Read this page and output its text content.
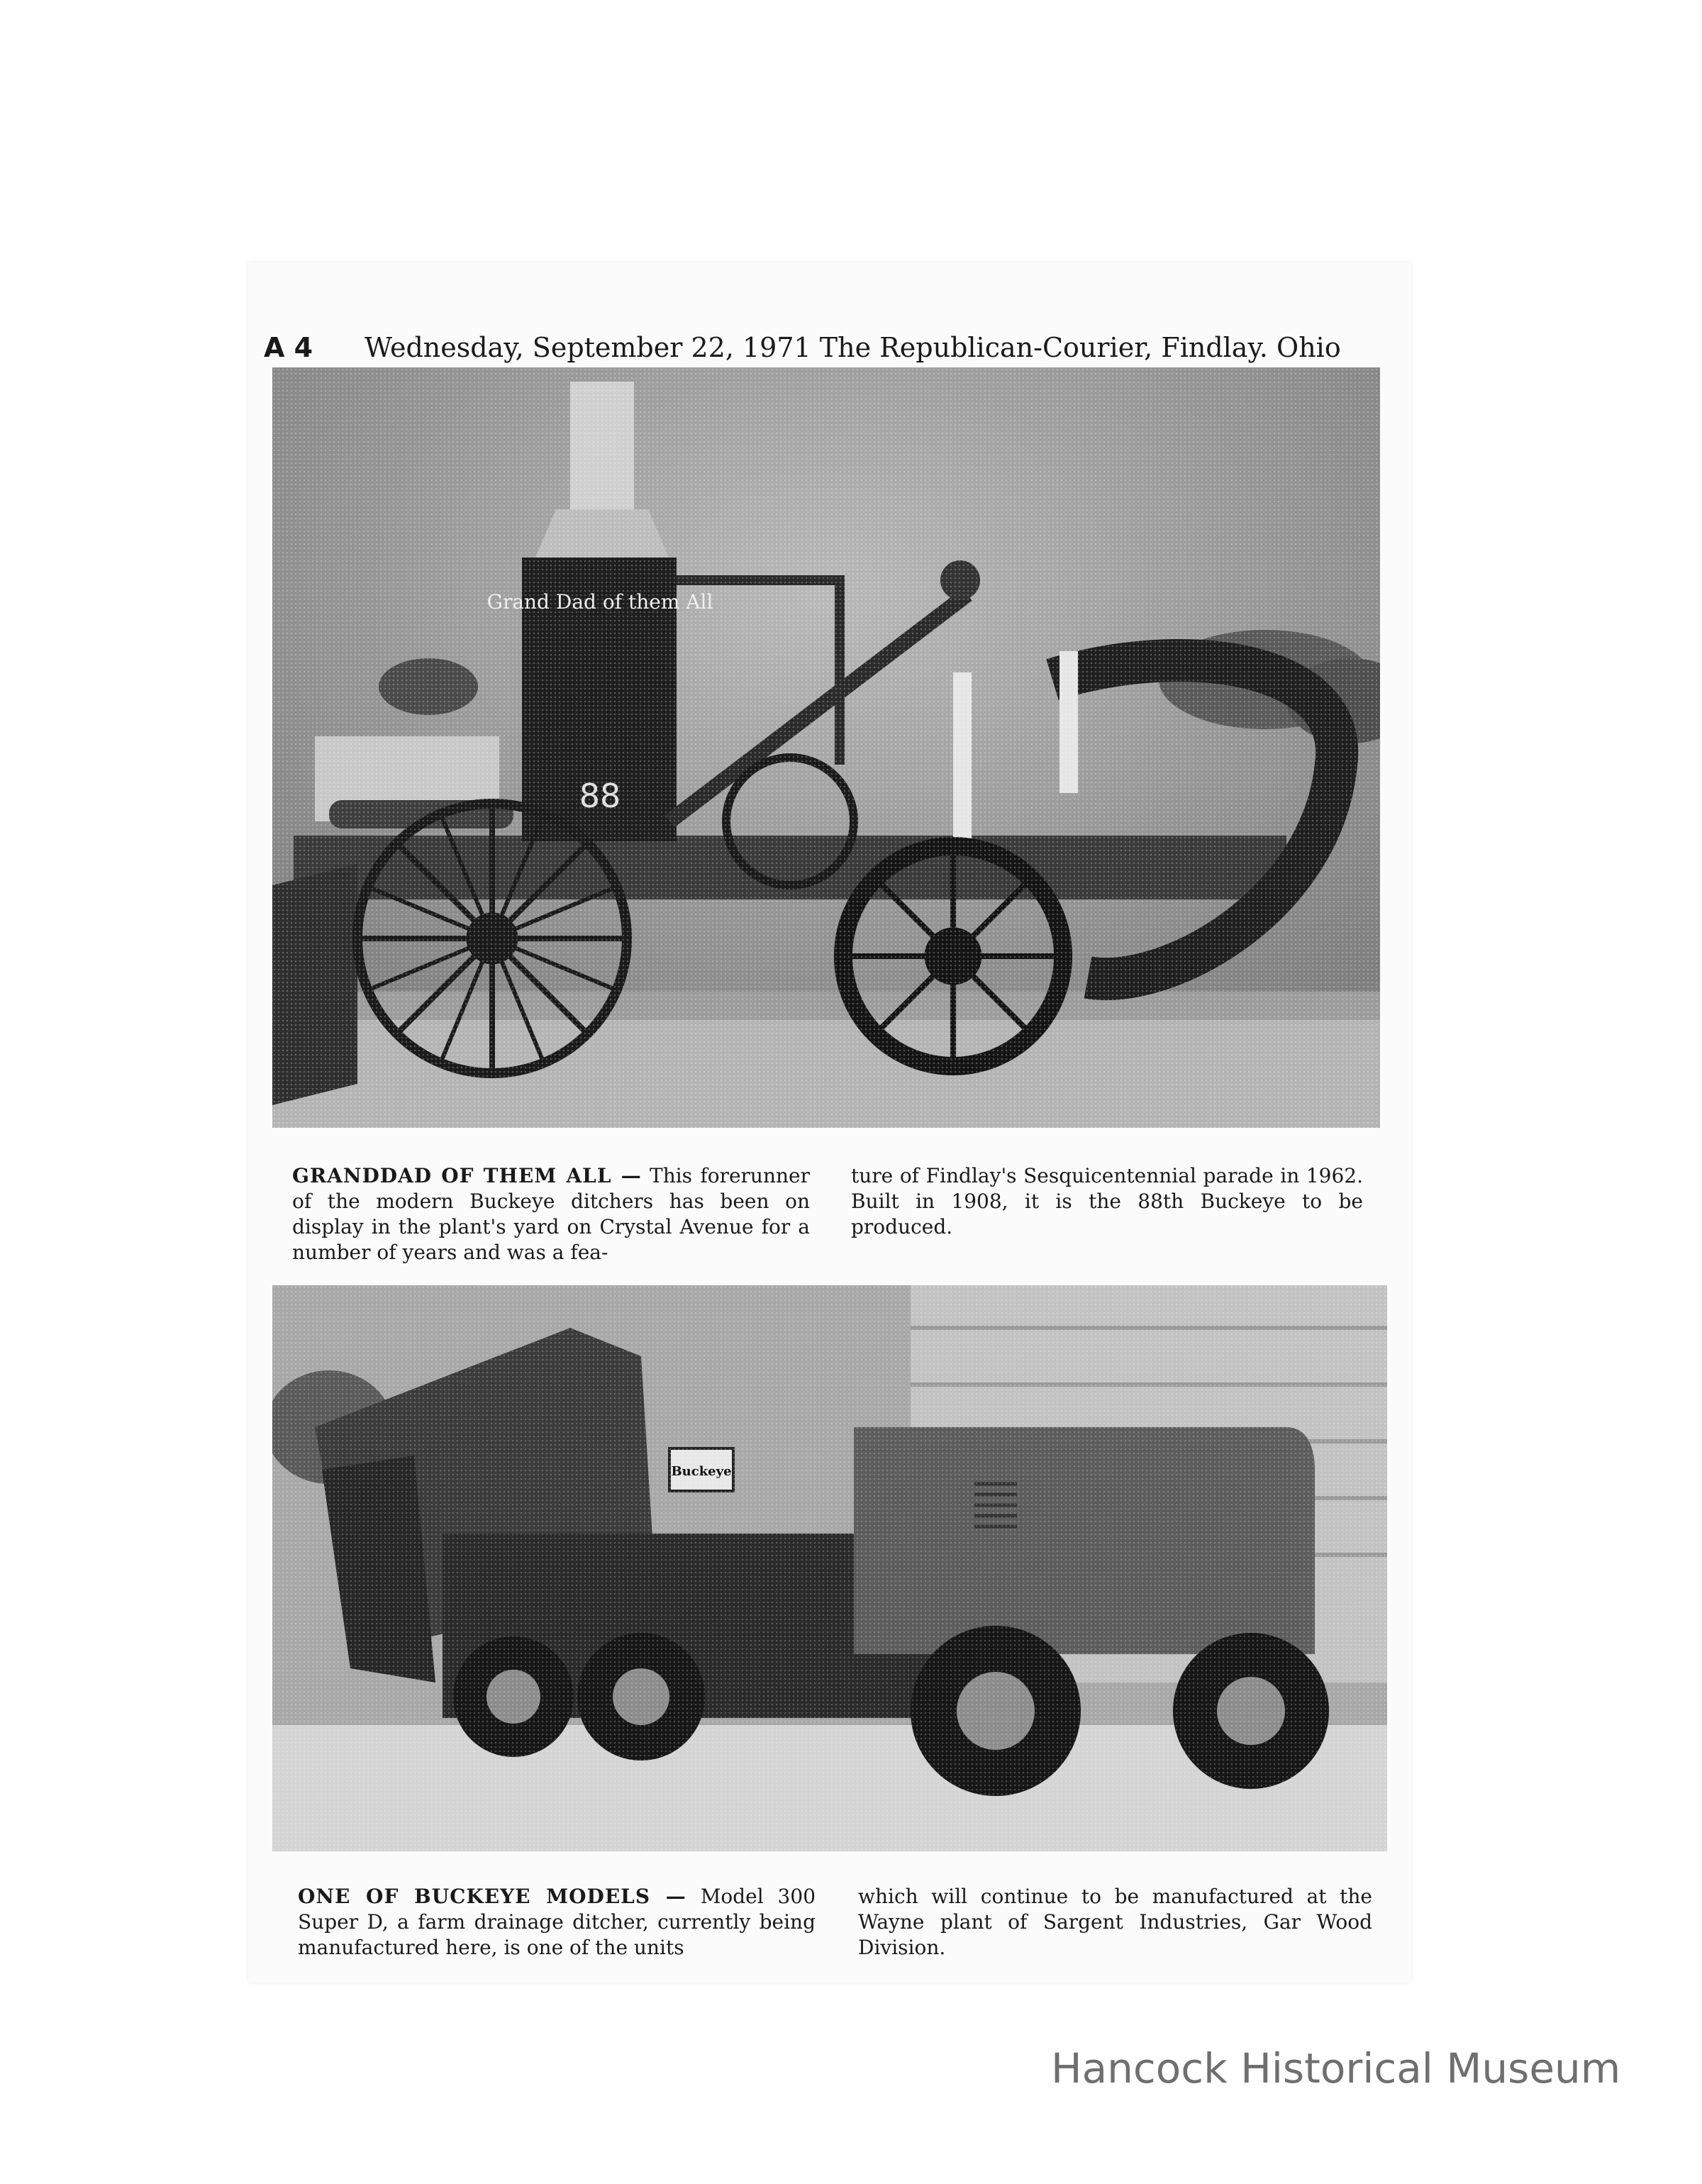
A 4 Wednesday, September 22, 1971 The Republican-Courier, Findlay. Ohio
Grand Dad of them All
88
GRANDDAD OF THEM ALL — This forerunner of the modern Buckeye ditchers has been on display in the plant's yard on Crystal Avenue for a number of years and was a fea-
ture of Findlay's Sesquicentennial parade in 1962. Built in 1908, it is the 88th Buckeye to be produced.
Buckeye
ONE OF BUCKEYE MODELS — Model 300 Super D, a farm drainage ditcher, currently being manufactured here, is one of the units
which will continue to be manufactured at the Wayne plant of Sargent Industries, Gar Wood Division.
Hancock Historical Museum
